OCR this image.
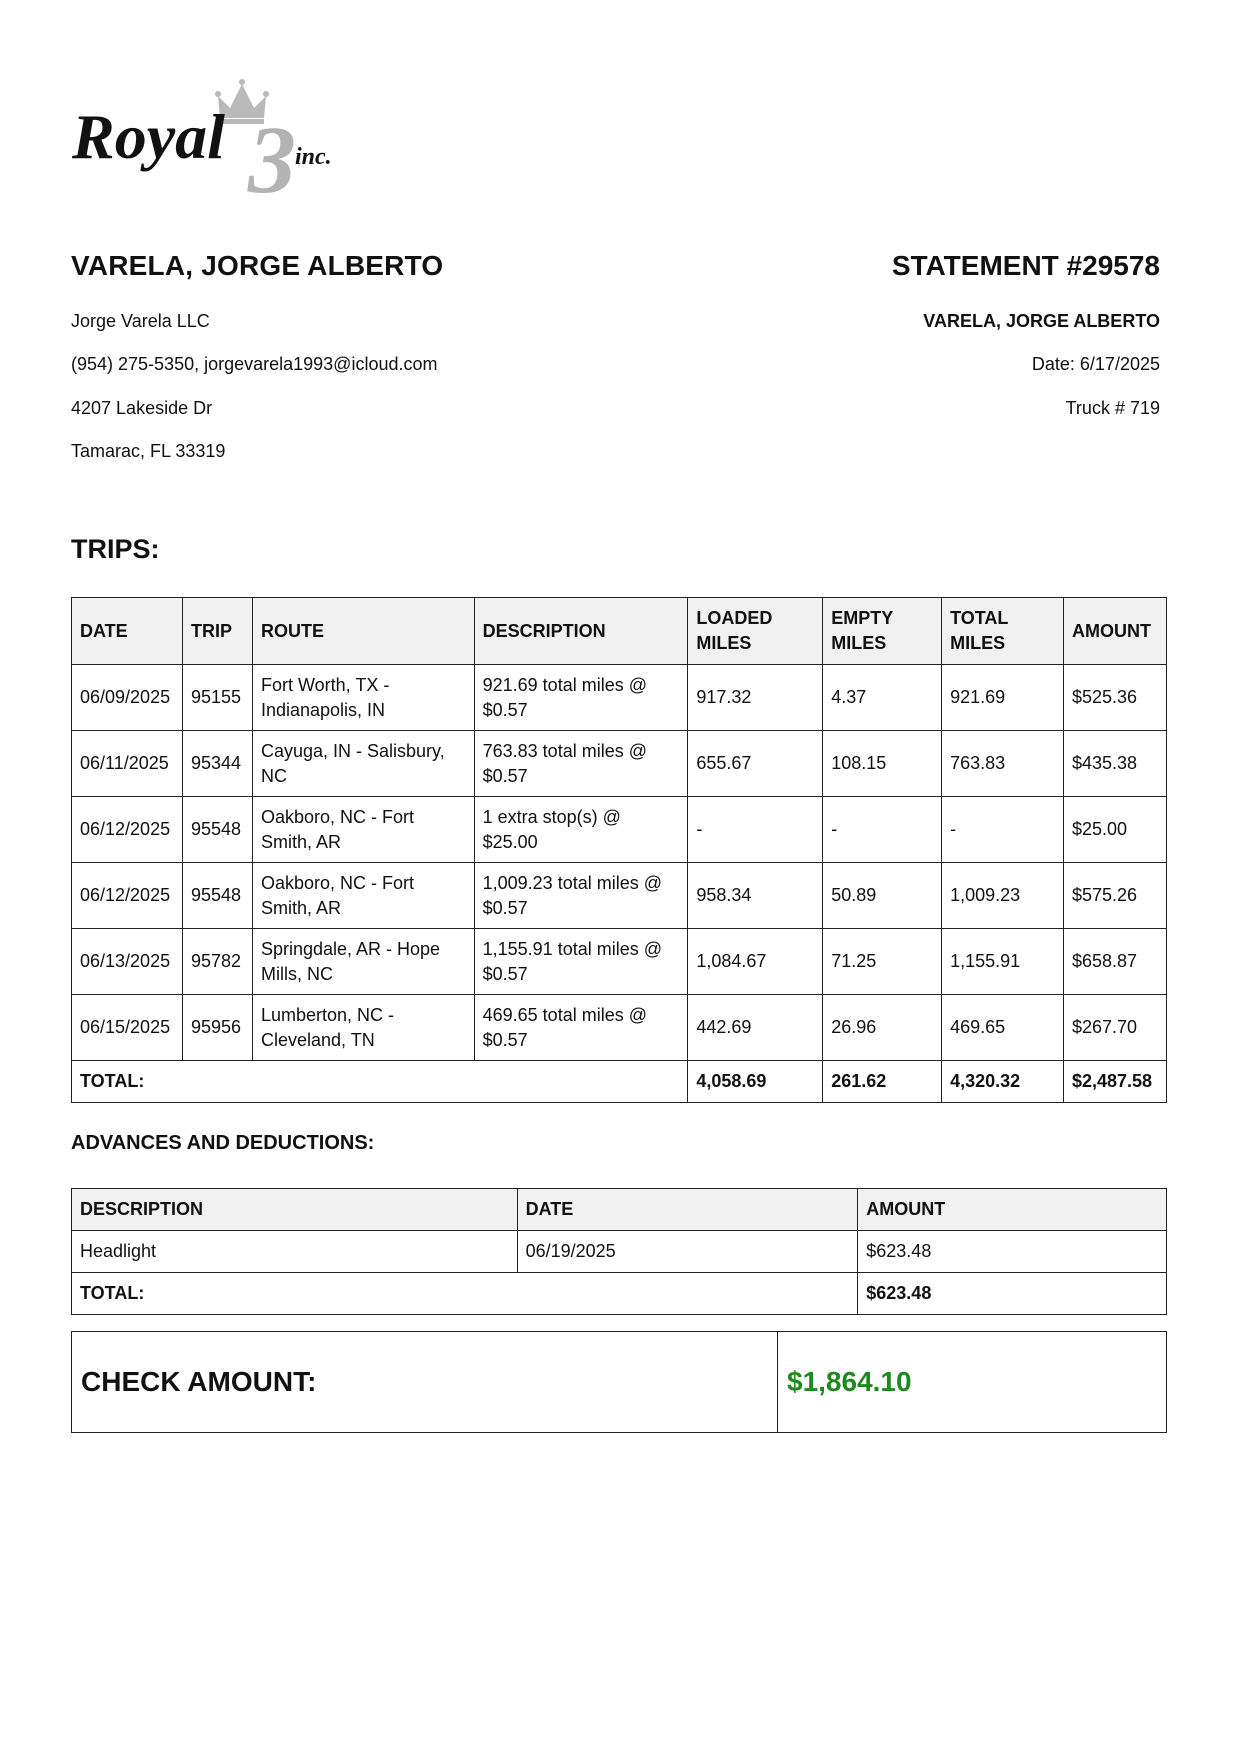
3
Royal	inc.
VARELA, JORGE ALBERTO	STATEMENT #29578
Jorge Varela LLC
(954) 275-5350, jorgevarela1993@icloud.com
4207 Lakeside Dr
Tamarac, FL 33319
VARELA, JORGE ALBERTO
Date: 6/17/2025
Truck # 719
TRIPS:
DATE	TRIP	ROUTE	DESCRIPTION	LOADED MILES	EMPTY MILES	TOTAL MILES	AMOUNT
06/09/2025	95155	Fort Worth, TX - Indianapolis, IN	921.69 total miles @ $0.57	917.32	4.37	921.69	$525.36
06/11/2025	95344	Cayuga, IN - Salisbury, NC	763.83 total miles @ $0.57	655.67	108.15	763.83	$435.38
06/12/2025	95548	Oakboro, NC - Fort Smith, AR	1 extra stop(s) @ $25.00	-	-	-	$25.00
06/12/2025	95548	Oakboro, NC - Fort Smith, AR	1,009.23 total miles @ $0.57	958.34	50.89	1,009.23	$575.26
06/13/2025	95782	Springdale, AR - Hope Mills, NC	1,155.91 total miles @ $0.57	1,084.67	71.25	1,155.91	$658.87
06/15/2025	95956	Lumberton, NC - Cleveland, TN	469.65 total miles @ $0.57	442.69	26.96	469.65	$267.70
TOTAL:				4,058.69	261.62	4,320.32	$2,487.58
ADVANCES AND DEDUCTIONS:
DESCRIPTION	DATE	AMOUNT
Headlight	06/19/2025	$623.48
TOTAL:		$623.48
CHECK AMOUNT:	$1,864.10
